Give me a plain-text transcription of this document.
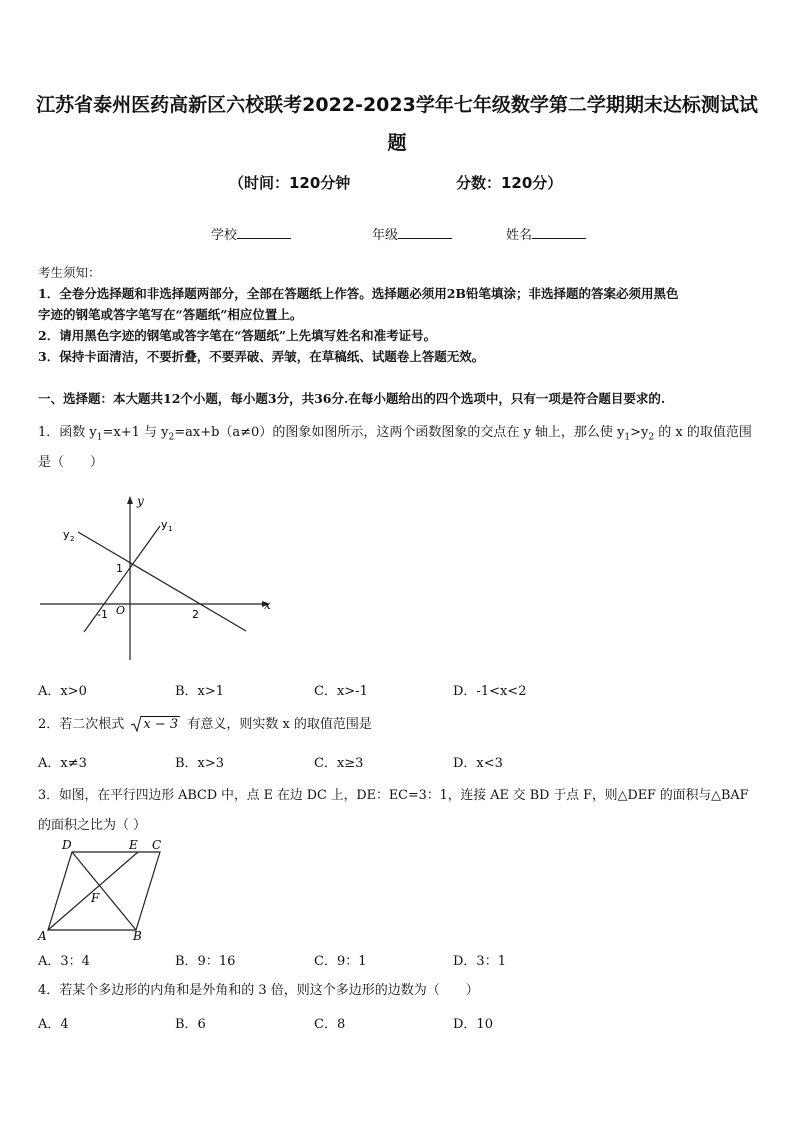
江苏省泰州医药高新区六校联考2022-2023学年七年级数学第二学期期末达标测试试
题
（时间：120分钟	分数：120分）
学校	年级	姓名
考生须知：
1．全卷分选择题和非选择题两部分，全部在答题纸上作答。选择题必须用2B铅笔填涂；非选择题的答案必须用黑色
字迹的钢笔或答字笔写在“答题纸”相应位置上。
2．请用黑色字迹的钢笔或答字笔在“答题纸”上先填写姓名和准考证号。
3．保持卡面清洁，不要折叠，不要弄破、弄皱，在草稿纸、试题卷上答题无效。
一、选择题：本大题共12个小题，每小题3分，共36分.在每小题给出的四个选项中，只有一项是符合题目要求的.
1．函数 $y_1=x+1$ 与 $y_2=ax+b(a\ne 0)$的图象如图所示，这两个函数图象的交点在 y 轴上，那么使 $y_1>y_2$ 的 x 的取值范围
是（　　）
y
x
y 1
y 2
1
-1 O	2
A．x>0	B．x>1	C．x>-1	D．-1<x<2
2．若二次根式 x − 3 有意义，则实数 x 的取值范围是
A．x≠3	B．x>3	C．x≥3	D．x<3
3．如图，在平行四边形 ABCD 中，点 E 在边 DC 上，DE：EC=3：1，连接 AE 交 BD 于点 F，则△DEF 的面积与△BAF
的面积之比为（ ）
A	B
C
D	E
F
A．3：4	B．9：16	C．9：1	D．3：1
4．若某个多边形的内角和是外角和的 3 倍，则这个多边形的边数为（　　）
A．4	B．6	C．8	D．10
